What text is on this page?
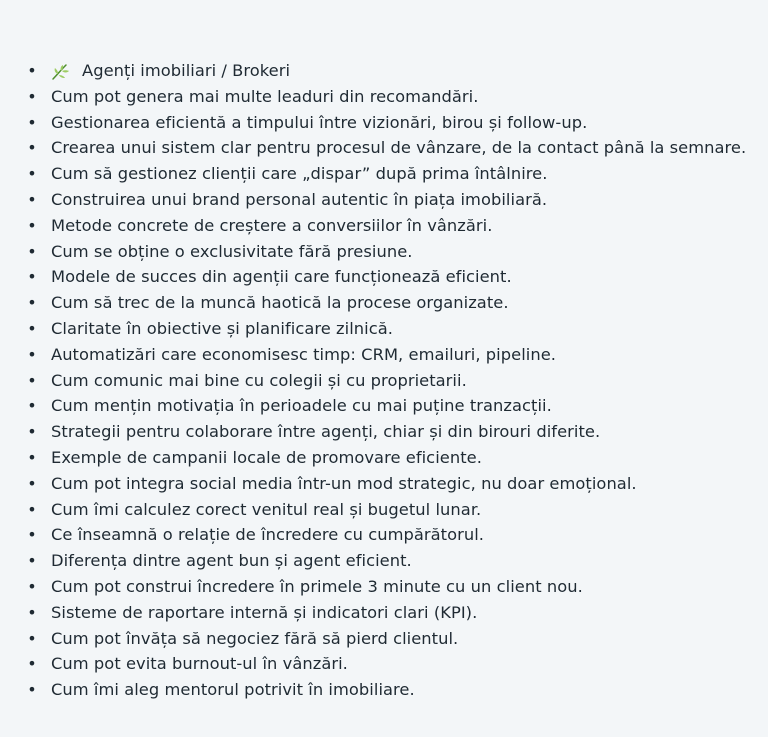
•	Agenți imobiliari / Brokeri
• Cum pot genera mai multe leaduri din recomandări.
• Gestionarea eficientă a timpului între vizionări, birou și follow-up.
• Crearea unui sistem clar pentru procesul de vânzare, de la contact până la semnare.
• Cum să gestionez clienții care „dispar” după prima întâlnire.
• Construirea unui brand personal autentic în piața imobiliară.
• Metode concrete de creștere a conversiilor în vânzări.
• Cum se obține o exclusivitate fără presiune.
• Modele de succes din agenții care funcționează eficient.
• Cum să trec de la muncă haotică la procese organizate.
• Claritate în obiective și planificare zilnică.
• Automatizări care economisesc timp: CRM, emailuri, pipeline.
• Cum comunic mai bine cu colegii și cu proprietarii.
• Cum mențin motivația în perioadele cu mai puține tranzacții.
• Strategii pentru colaborare între agenți, chiar și din birouri diferite.
• Exemple de campanii locale de promovare eficiente.
• Cum pot integra social media într-un mod strategic, nu doar emoțional.
• Cum îmi calculez corect venitul real și bugetul lunar.
• Ce înseamnă o relație de încredere cu cumpărătorul.
• Diferența dintre agent bun și agent eficient.
• Cum pot construi încredere în primele 3 minute cu un client nou.
• Sisteme de raportare internă și indicatori clari (KPI).
• Cum pot învăța să negociez fără să pierd clientul.
• Cum pot evita burnout-ul în vânzări.
• Cum îmi aleg mentorul potrivit în imobiliare.
